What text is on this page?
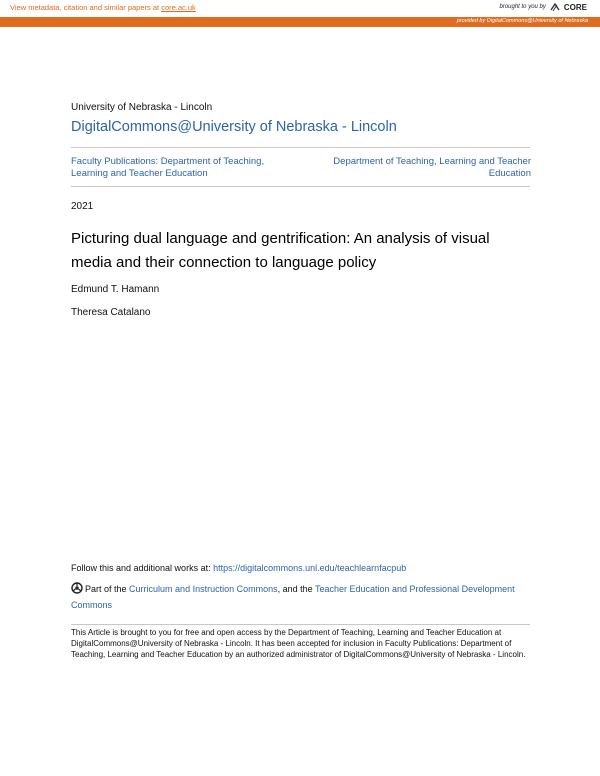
View metadata, citation and similar papers at core.ac.uk	brought to you by CORE
provided by DigitalCommons@University of Nebraska
University of Nebraska - Lincoln
DigitalCommons@University of Nebraska - Lincoln
Faculty Publications: Department of Teaching, Learning and Teacher Education
Department of Teaching, Learning and Teacher Education
2021
Picturing dual language and gentrification: An analysis of visual media and their connection to language policy
Edmund T. Hamann
Theresa Catalano
Follow this and additional works at: https://digitalcommons.unl.edu/teachlearnfacpub
Part of the Curriculum and Instruction Commons, and the Teacher Education and Professional Development Commons
This Article is brought to you for free and open access by the Department of Teaching, Learning and Teacher Education at DigitalCommons@University of Nebraska - Lincoln. It has been accepted for inclusion in Faculty Publications: Department of Teaching, Learning and Teacher Education by an authorized administrator of DigitalCommons@University of Nebraska - Lincoln.
